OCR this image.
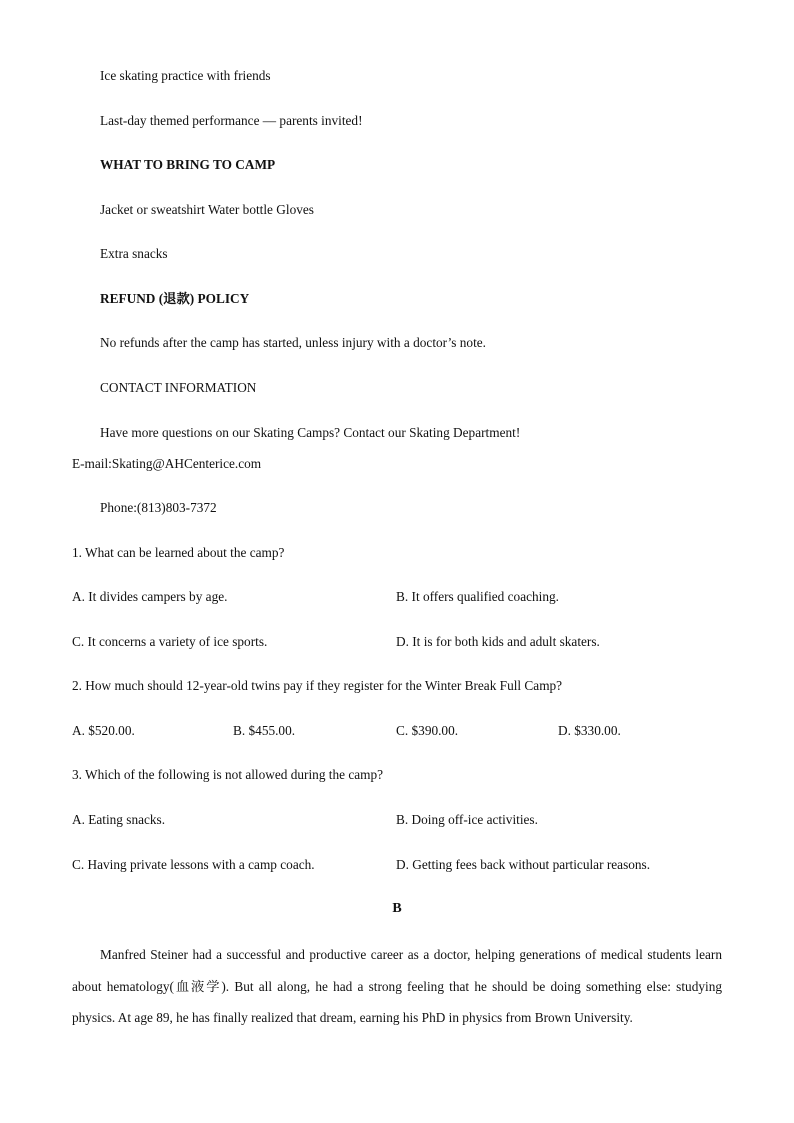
Ice skating practice with friends
Last-day themed performance — parents invited!
WHAT TO BRING TO CAMP
Jacket or sweatshirt Water bottle Gloves
Extra snacks
REFUND (退款) POLICY
No refunds after the camp has started, unless injury with a doctor’s note.
CONTACT INFORMATION
Have more questions on our Skating Camps? Contact our Skating Department!
E-mail:Skating@AHCenterice.com
Phone:(813)803-7372
1. What can be learned about the camp?
A. It divides campers by age.	B. It offers qualified coaching.
C. It concerns a variety of ice sports.	D. It is for both kids and adult skaters.
2. How much should 12-year-old twins pay if they register for the Winter Break Full Camp?
A. $520.00.	B. $455.00.	C. $390.00.	D. $330.00.
3. Which of the following is not allowed during the camp?
A. Eating snacks.	B. Doing off-ice activities.
C. Having private lessons with a camp coach.	D. Getting fees back without particular reasons.
B
Manfred Steiner had a successful and productive career as a doctor, helping generations of medical students learn about hematology(血液学). But all along, he had a strong feeling that he should be doing something else: studying physics. At age 89, he has finally realized that dream, earning his PhD in physics from Brown University.
